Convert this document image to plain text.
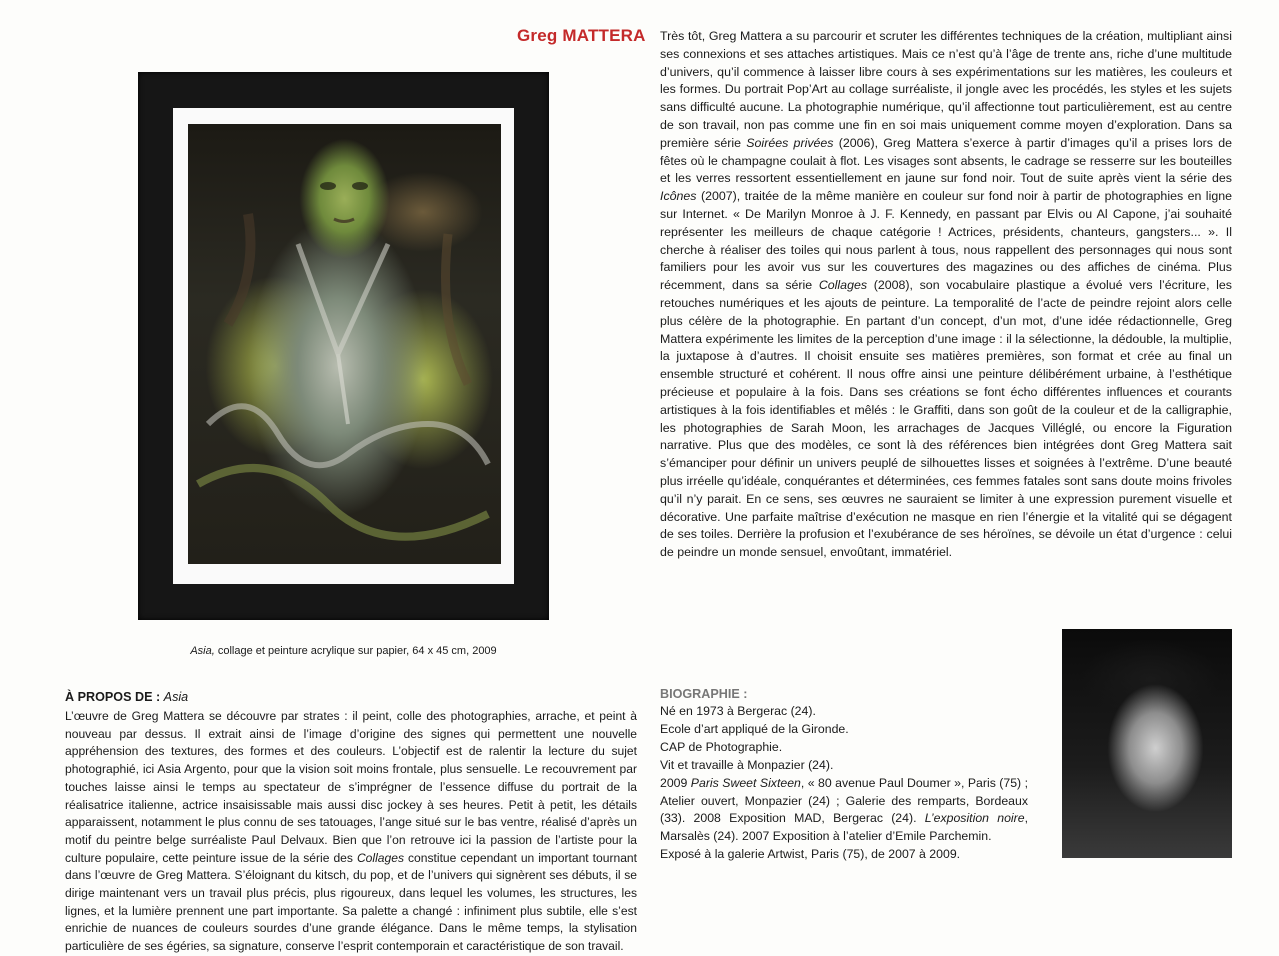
Greg MATTERA Très tôt, Greg Mattera a su parcourir et scruter les différentes techniques de la création, multipliant ainsi ses connexions et ses attaches artistiques. Mais ce n’est qu’à l’âge de trente ans, riche d’une multitude d’univers, qu’il commence à laisser libre cours à ses expérimentations sur les matières, les couleurs et les formes. Du portrait Pop’Art au collage surréaliste, il jongle avec les procédés, les styles et les sujets sans difficulté aucune. La photographie numérique, qu’il affectionne tout particulièrement, est au centre de son travail, non pas comme une fin en soi mais uniquement comme moyen d’exploration. Dans sa première série Soirées privées (2006), Greg Mattera s’exerce à partir d’images qu’il a prises lors de fêtes où le champagne coulait à flot. Les visages sont absents, le cadrage se resserre sur les bouteilles et les verres ressortent essentiellement en jaune sur fond noir. Tout de suite après vient la série des Icônes (2007), traitée de la même manière en couleur sur fond noir à partir de photographies en ligne sur Internet. « De Marilyn Monroe à J. F. Kennedy, en passant par Elvis ou Al Capone, j’ai souhaité représenter les meilleurs de chaque catégorie ! Actrices, présidents, chanteurs, gangsters... ». Il cherche à réaliser des toiles qui nous parlent à tous, nous rappellent des personnages qui nous sont familiers pour les avoir vus sur les couvertures des magazines ou des affiches de cinéma. Plus récemment, dans sa série Collages (2008), son vocabulaire plastique a évolué vers l’écriture, les retouches numériques et les ajouts de peinture. La temporalité de l’acte de peindre rejoint alors celle plus célère de la photographie. En partant d’un concept, d’un mot, d’une idée rédactionnelle, Greg Mattera expérimente les limites de la perception d’une image : il la sélectionne, la dédouble, la multiplie, la juxtapose à d’autres. Il choisit ensuite ses matières premières, son format et crée au final un ensemble structuré et cohérent. Il nous offre ainsi une peinture délibérément urbaine, à l’esthétique précieuse et populaire à la fois. Dans ses créations se font écho différentes influences et courants artistiques à la fois identifiables et mêlés : le Graffiti, dans son goût de la couleur et de la calligraphie, les photographies de Sarah Moon, les arrachages de Jacques Villéglé, ou encore la Figuration narrative. Plus que des modèles, ce sont là des références bien intégrées dont Greg Mattera sait s’émanciper pour définir un univers peuplé de silhouettes lisses et soignées à l’extrême. D’une beauté plus irréelle qu’idéale, conquérantes et déterminées, ces femmes fatales sont sans doute moins frivoles qu’il n’y parait. En ce sens, ses œuvres ne sauraient se limiter à une expression purement visuelle et décorative. Une parfaite maîtrise d’exécution ne masque en rien l’énergie et la vitalité qui se dégagent de ses toiles. Derrière la profusion et l’exubérance de ses héroïnes, se dévoile un état d’urgence : celui de peindre un monde sensuel, envoûtant, immatériel.

Asia, collage et peinture acrylique sur papier, 64 x 45 cm, 2009

À PROPOS DE : Asia

L’œuvre de Greg Mattera se découvre par strates : il peint, colle des photographies, arrache, et peint à nouveau par dessus. Il extrait ainsi de l’image d’origine des signes qui permettent une nouvelle appréhension des textures, des formes et des couleurs. L’objectif est de ralentir la lecture du sujet photographié, ici Asia Argento, pour que la vision soit moins frontale, plus sensuelle. Le recouvrement par touches laisse ainsi le temps au spectateur de s’imprégner de l’essence diffuse du portrait de la réalisatrice italienne, actrice insaisissable mais aussi disc jockey à ses heures. Petit à petit, les détails apparaissent, notamment le plus connu de ses tatouages, l’ange situé sur le bas ventre, réalisé d’après un motif du peintre belge surréaliste Paul Delvaux. Bien que l’on retrouve ici la passion de l’artiste pour la culture populaire, cette peinture issue de la série des Collages constitue cependant un important tournant dans l’œuvre de Greg Mattera. S’éloignant du kitsch, du pop, et de l’univers qui signèrent ses débuts, il se dirige maintenant vers un travail plus précis, plus rigoureux, dans lequel les volumes, les structures, les lignes, et la lumière prennent une part importante. Sa palette a changé : infiniment plus subtile, elle s’est enrichie de nuances de couleurs sourdes d’une grande élégance. Dans le même temps, la stylisation particulière de ses égéries, sa signature, conserve l’esprit contemporain et caractéristique de son travail.

BIOGRAPHIE :
Né en 1973 à Bergerac (24).
Ecole d’art appliqué de la Gironde.
CAP de Photographie.
Vit et travaille à Monpazier (24).
2009 Paris Sweet Sixteen, « 80 avenue Paul Doumer », Paris (75) ; Atelier ouvert, Monpazier (24) ; Galerie des remparts, Bordeaux (33). 2008 Exposition MAD, Bergerac (24). L’exposition noire, Marsalès (24). 2007 Exposition à l’atelier d’Emile Parchemin.
Exposé à la galerie Artwist, Paris (75), de 2007 à 2009.
